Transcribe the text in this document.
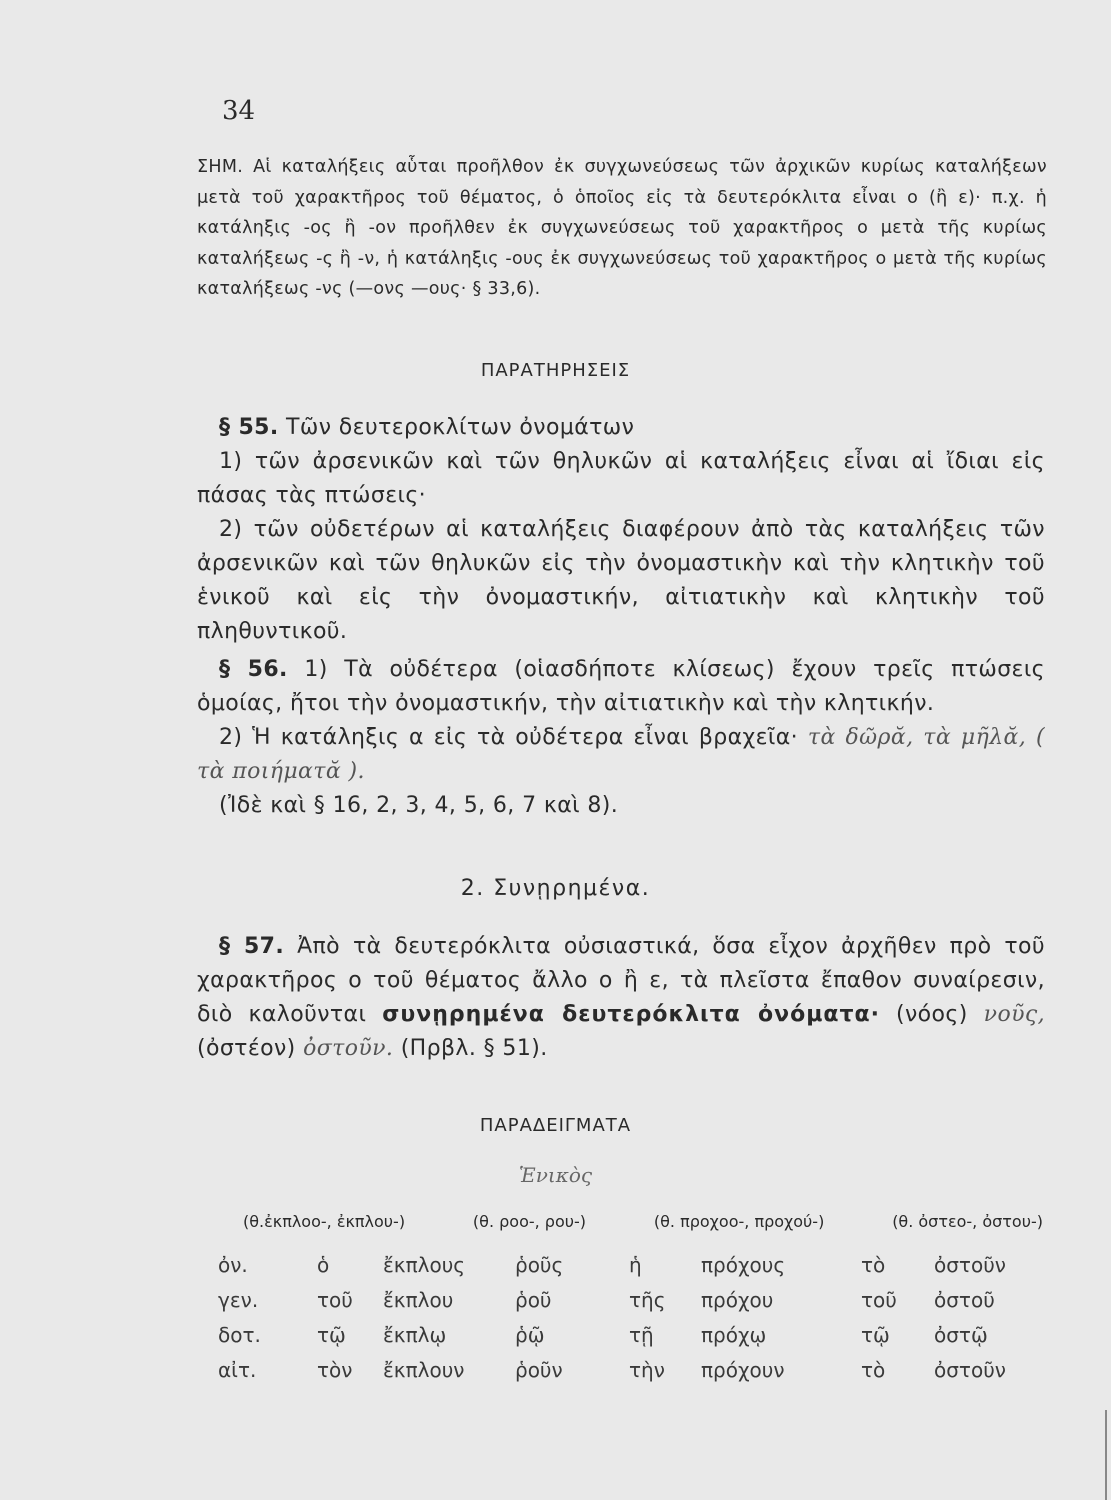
34

ΣΗΜ. Αἱ καταλήξεις αὗται προῆλθον ἐκ συγχωνεύσεως τῶν ἀρχικῶν κυρίως καταλήξεων μετὰ τοῦ χαρακτῆρος τοῦ θέματος, ὁ ὁποῖος εἰς τὰ δευτερόκλιτα εἶναι ο (ἢ ε)· π.χ. ἡ κατάληξις -ος ἢ -ον προῆλθεν ἐκ συγχωνεύσεως τοῦ χαρακτῆρος ο μετὰ τῆς κυρίως καταλήξεως -ς ἢ -ν, ἡ κατάληξις -ους ἐκ συγχωνεύσεως τοῦ χαρακτῆρος ο μετὰ τῆς κυρίως καταλήξεως -νς (—ονς —ους· § 33,6).

ΠΑΡΑΤΗΡΗΣΕΙΣ

§ 55. Τῶν δευτεροκλίτων ὀνομάτων

1) τῶν ἀρσενικῶν καὶ τῶν θηλυκῶν αἱ καταλήξεις εἶναι αἱ ἴδιαι εἰς πάσας τὰς πτώσεις·

2) τῶν οὐδετέρων αἱ καταλήξεις διαφέρουν ἀπὸ τὰς καταλήξεις τῶν ἀρσενικῶν καὶ τῶν θηλυκῶν εἰς τὴν ὀνομαστικὴν καὶ τὴν κλητικὴν τοῦ ἑνικοῦ καὶ εἰς τὴν ὀνομαστικήν, αἰτιατικὴν καὶ κλητικὴν τοῦ πληθυντικοῦ.

§ 56. 1) Τὰ οὐδέτερα (οἱασδήποτε κλίσεως) ἔχουν τρεῖς πτώσεις ὁμοίας, ἤτοι τὴν ὀνομαστικήν, τὴν αἰτιατικὴν καὶ τὴν κλητικήν.

2) Ἡ κατάληξις α εἰς τὰ οὐδέτερα εἶναι βραχεῖα· τὰ δῶρᾰ, τὰ μῆλᾰ, ( τὰ ποιήματᾰ ).

(Ἰδὲ καὶ § 16, 2, 3, 4, 5, 6, 7 καὶ 8).

2. Συνῃρημένα.

§ 57. Ἀπὸ τὰ δευτερόκλιτα οὐσιαστικά, ὅσα εἶχον ἀρχῆθεν πρὸ τοῦ χαρακτῆρος ο τοῦ θέματος ἄλλο ο ἢ ε, τὰ πλεῖστα ἔπαθον συναίρεσιν, διὸ καλοῦνται συνῃρημένα δευτερόκλιτα ὀνόματα· (νόος) νοῦς, (ὀστέον) ὀστοῦν. (Πρβλ. § 51).

ΠΑΡΑΔΕΙΓΜΑΤΑ
Ἑνικὸς
(θ.ἐκπλοο-, ἐκπλου-)	(θ. ροο-, ρου-)	(θ. προχοο-, προχού-)	(θ. ὀστεο-, ὀστου-)
ὀν.	ὁ	ἔκπλους	ῥοῦς	ἡ	πρόχους	τὸ	ὀστοῦν
γεν.	τοῦ	ἔκπλου	ῥοῦ	τῆς	πρόχου	τοῦ	ὀστοῦ
δοτ.	τῷ	ἔκπλῳ	ῥῷ	τῇ	πρόχῳ	τῷ	ὀστῷ
αἰτ.	τὸν	ἔκπλουν	ῥοῦν	τὴν	πρόχουν	τὸ	ὀστοῦν
